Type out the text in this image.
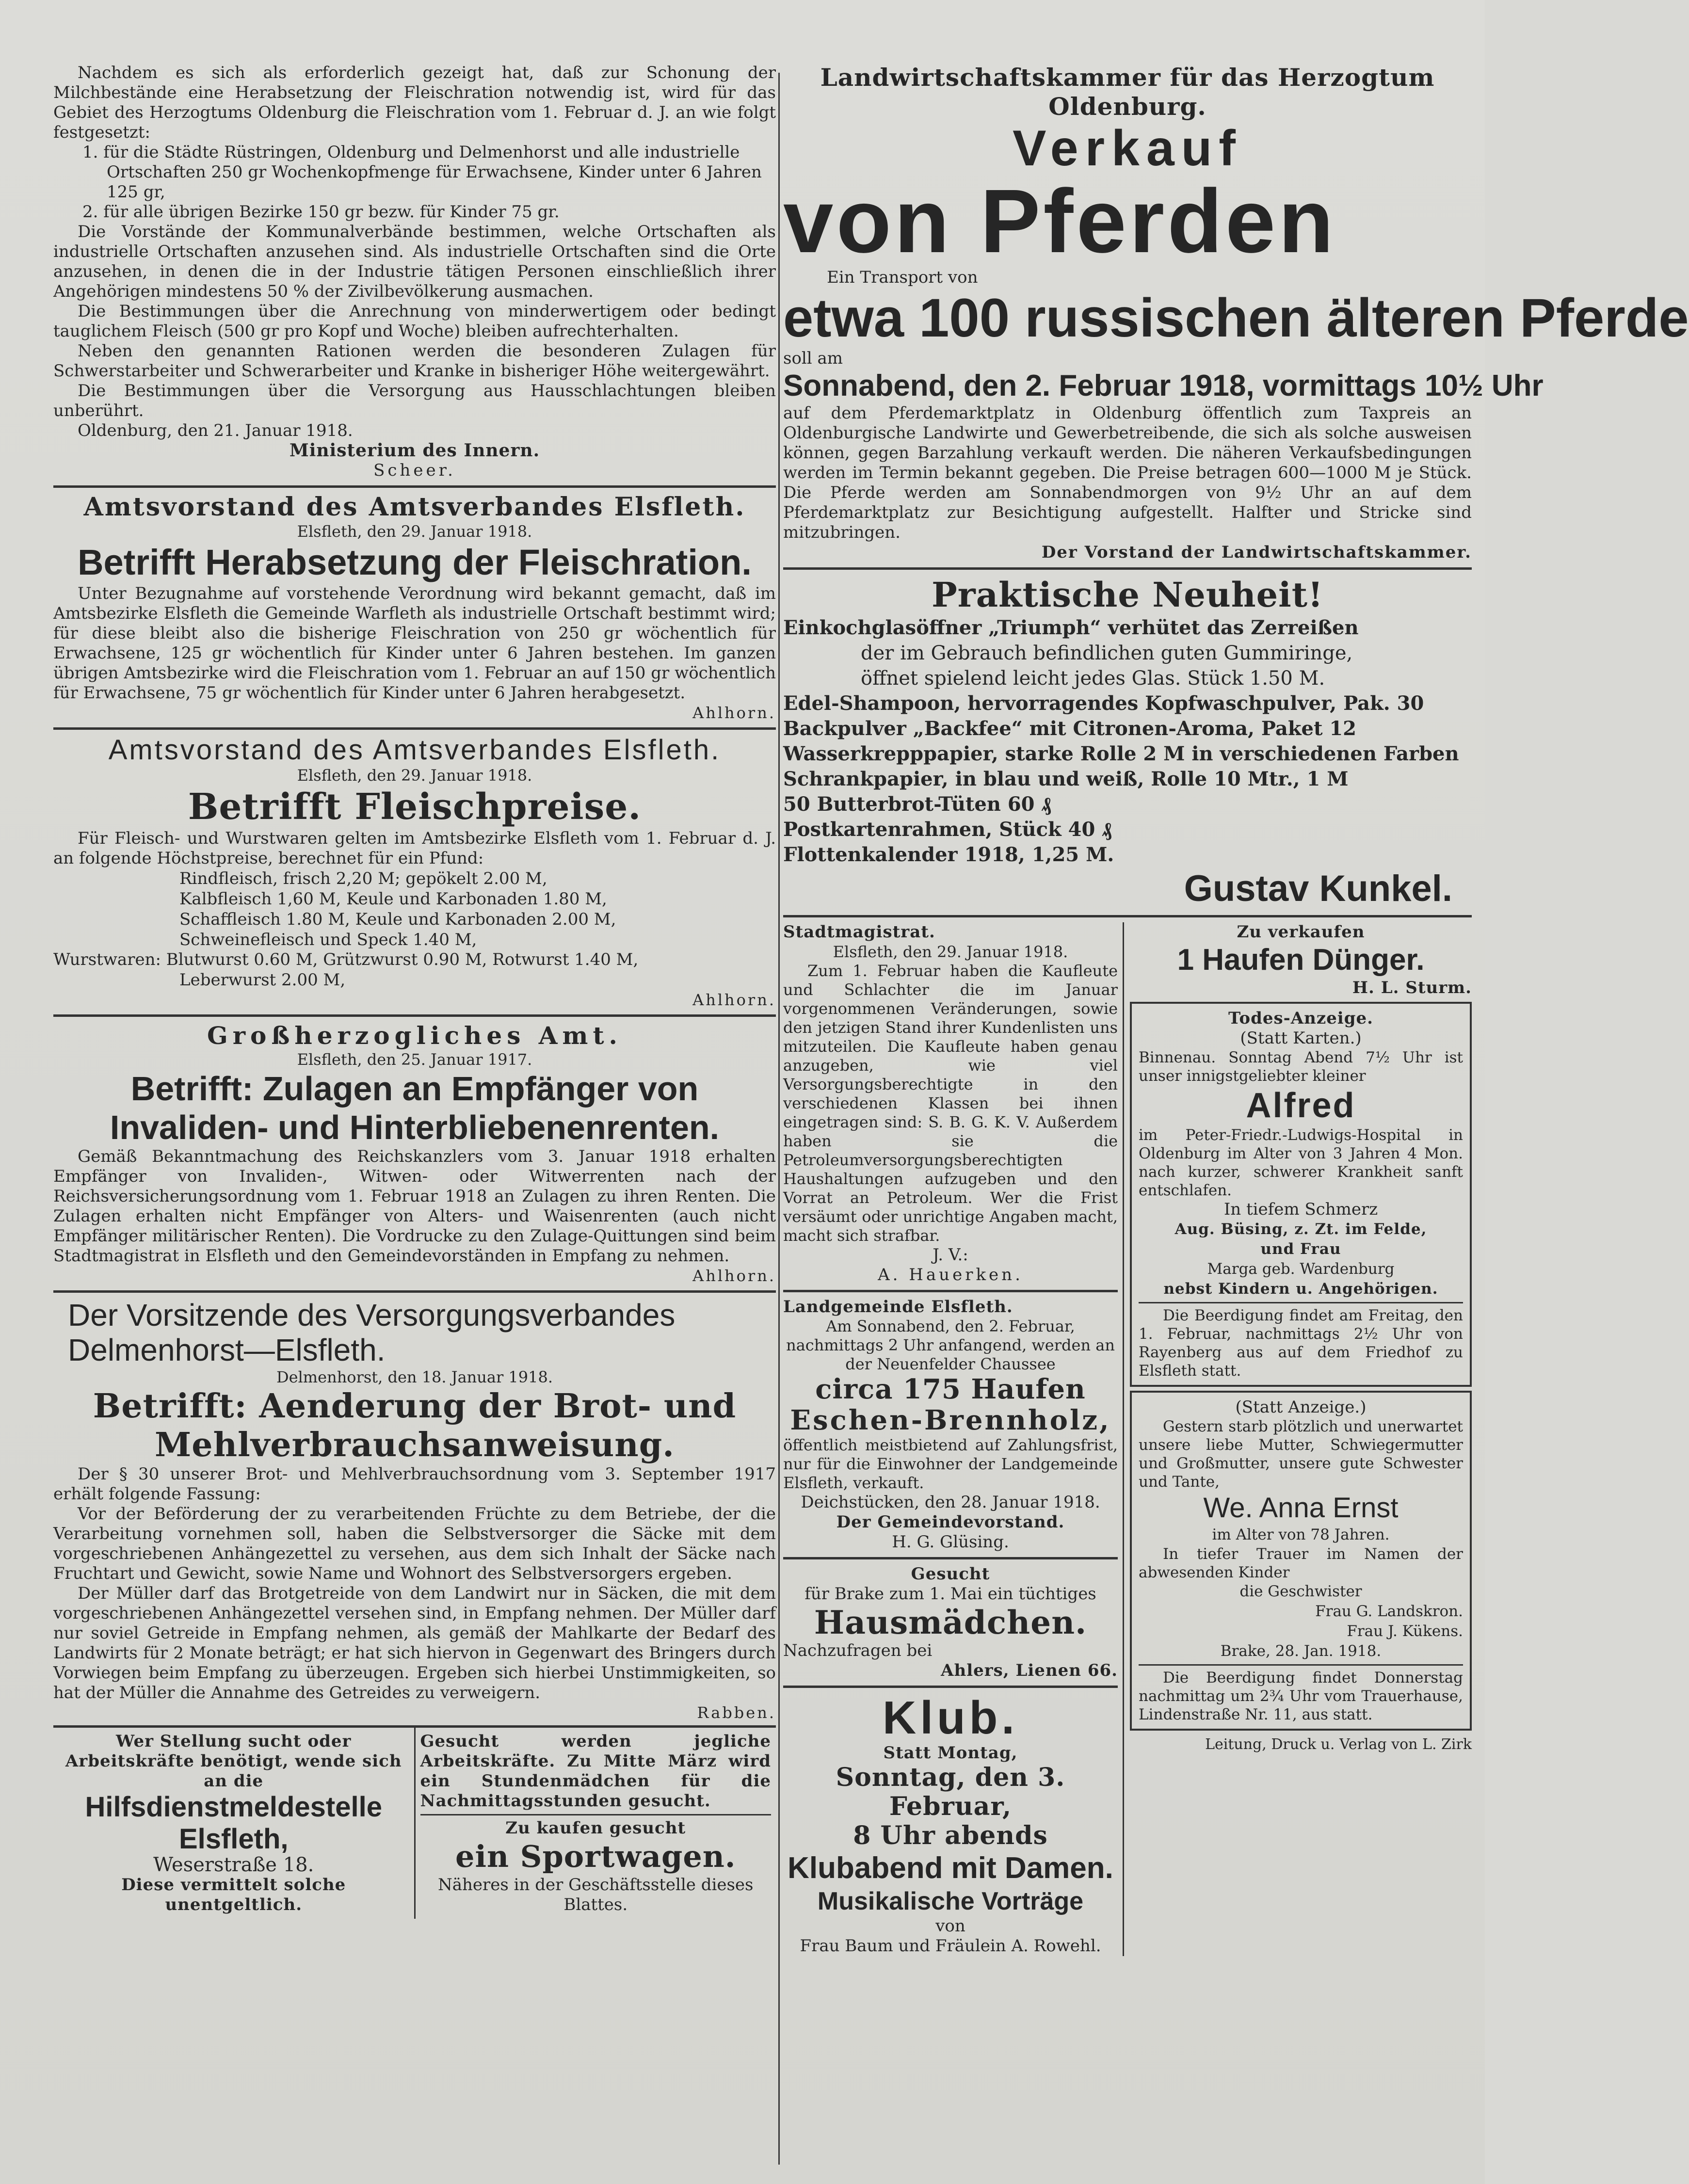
Nachdem es sich als erforderlich gezeigt hat, daß zur Schonung der Milchbestände eine Herabsetzung der Fleischration notwendig ist, wird für das Gebiet des Herzogtums Oldenburg die Fleischration vom 1. Februar d. J. an wie folgt festgesetzt:

1. für die Städte Rüstringen, Oldenburg und Delmenhorst und alle industrielle Ortschaften 250 gr Wochenkopfmenge für Erwachsene, Kinder unter 6 Jahren 125 gr,

2. für alle übrigen Bezirke 150 gr bezw. für Kinder 75 gr.

Die Vorstände der Kommunalverbände bestimmen, welche Ortschaften als industrielle Ortschaften anzusehen sind. Als industrielle Ortschaften sind die Orte anzusehen, in denen die in der Industrie tätigen Personen einschließlich ihrer Angehörigen mindestens 50 % der Zivilbevölkerung ausmachen.

Die Bestimmungen über die Anrechnung von minderwertigem oder bedingt tauglichem Fleisch (500 gr pro Kopf und Woche) bleiben aufrechterhalten.

Neben den genannten Rationen werden die besonderen Zulagen für Schwerstarbeiter und Schwerarbeiter und Kranke in bisheriger Höhe weitergewährt.

Die Bestimmungen über die Versorgung aus Hausschlachtungen bleiben unberührt.

Oldenburg, den 21. Januar 1918.

Ministerium des Innern.

Scheer.

Amtsvorstand des Amtsverbandes Elsfleth.

Elsfleth, den 29. Januar 1918.

Betrifft Herabsetzung der Fleischration.

Unter Bezugnahme auf vorstehende Verordnung wird bekannt gemacht, daß im Amtsbezirke Elsfleth die Gemeinde Warfleth als industrielle Ortschaft bestimmt wird; für diese bleibt also die bisherige Fleischration von 250 gr wöchentlich für Erwachsene, 125 gr wöchentlich für Kinder unter 6 Jahren bestehen. Im ganzen übrigen Amtsbezirke wird die Fleischration vom 1. Februar an auf 150 gr wöchentlich für Erwachsene, 75 gr wöchentlich für Kinder unter 6 Jahren herabgesetzt.

Ahlhorn.

Amtsvorstand des Amtsverbandes Elsfleth.

Elsfleth, den 29. Januar 1918.

Betrifft Fleischpreise.

Für Fleisch- und Wurstwaren gelten im Amtsbezirke Elsfleth vom 1. Februar d. J. an folgende Höchstpreise, berechnet für ein Pfund:

Rindfleisch, frisch 2,20 M; gepökelt 2.00 M,

Kalbfleisch 1,60 M, Keule und Karbonaden 1.80 M,

Schaffleisch 1.80 M, Keule und Karbonaden 2.00 M,

Schweinefleisch und Speck 1.40 M,

Wurstwaren: Blutwurst 0.60 M, Grützwurst 0.90 M, Rotwurst 1.40 M,

Leberwurst 2.00 M,

Ahlhorn.

Großherzogliches Amt.

Elsfleth, den 25. Januar 1917.

Betrifft: Zulagen an Empfänger von Invaliden- und Hinterbliebenenrenten.

Gemäß Bekanntmachung des Reichskanzlers vom 3. Januar 1918 erhalten Empfänger von Invaliden-, Witwen- oder Witwerrenten nach der Reichsversicherungsordnung vom 1. Februar 1918 an Zulagen zu ihren Renten. Die Zulagen erhalten nicht Empfänger von Alters- und Waisenrenten (auch nicht Empfänger militärischer Renten). Die Vordrucke zu den Zulage-Quittungen sind beim Stadtmagistrat in Elsfleth und den Gemeindevorständen in Empfang zu nehmen.

Ahlhorn.

Der Vorsitzende des Versorgungsverbandes Delmenhorst—Elsfleth.

Delmenhorst, den 18. Januar 1918.

Betrifft: Aenderung der Brot- und Mehlverbrauchsanweisung.

Der § 30 unserer Brot- und Mehlverbrauchsordnung vom 3. September 1917 erhält folgende Fassung:

Vor der Beförderung der zu verarbeitenden Früchte zu dem Betriebe, der die Verarbeitung vornehmen soll, haben die Selbstversorger die Säcke mit dem vorgeschriebenen Anhängezettel zu versehen, aus dem sich Inhalt der Säcke nach Fruchtart und Gewicht, sowie Name und Wohnort des Selbstversorgers ergeben.

Der Müller darf das Brotgetreide von dem Landwirt nur in Säcken, die mit dem vorgeschriebenen Anhängezettel versehen sind, in Empfang nehmen. Der Müller darf nur soviel Getreide in Empfang nehmen, als gemäß der Mahlkarte der Bedarf des Landwirts für 2 Monate beträgt; er hat sich hiervon in Gegenwart des Bringers durch Vorwiegen beim Empfang zu überzeugen. Ergeben sich hierbei Unstimmigkeiten, so hat der Müller die Annahme des Getreides zu verweigern.

Rabben.

Wer Stellung sucht oder Arbeitskräfte benötigt, wende sich an die

Hilfsdienstmeldestelle Elsfleth,

Weserstraße 18.

Diese vermittelt solche unentgeltlich.

Gesucht werden jegliche Arbeitskräfte. Zu Mitte März wird ein Stundenmädchen für die Nachmittagsstunden gesucht.

Zu kaufen gesucht

ein Sportwagen.

Näheres in der Geschäftsstelle dieses Blattes.

Landwirtschaftskammer für das Herzogtum Oldenburg.
Verkauf
von Pferden

Ein Transport von

etwa 100 russischen älteren Pferde

soll am

Sonnabend, den 2. Februar 1918, vormittags 10½ Uhr

auf dem Pferdemarktplatz in Oldenburg öffentlich zum Taxpreis an Oldenburgische Landwirte und Gewerbetreibende, die sich als solche ausweisen können, gegen Barzahlung verkauft werden. Die näheren Verkaufsbedingungen werden im Termin bekannt gegeben. Die Preise betragen 600—1000 M je Stück. Die Pferde werden am Sonnabendmorgen von 9½ Uhr an auf dem Pferdemarktplatz zur Besichtigung aufgestellt. Halfter und Stricke sind mitzubringen.

Der Vorstand der Landwirtschaftskammer.

Praktische Neuheit!

Einkochglasöffner „Triumph“ verhütet das Zerreißen

der im Gebrauch befindlichen guten Gummiringe,

öffnet spielend leicht jedes Glas. Stück 1.50 M.

Edel-Shampoon, hervorragendes Kopfwaschpulver, Pak. 30

Backpulver „Backfee“ mit Citronen-Aroma, Paket 12

Wasserkrepppapier, starke Rolle 2 M in verschiedenen Farben

Schrankpapier, in blau und weiß, Rolle 10 Mtr., 1 M

50 Butterbrot-Tüten 60 ₰

Postkartenrahmen, Stück 40 ₰

Flottenkalender 1918, 1,25 M.

Gustav Kunkel.

Stadtmagistrat.

Elsfleth, den 29. Januar 1918.

Zum 1. Februar haben die Kaufleute und Schlachter die im Januar vorgenommenen Veränderungen, sowie den jetzigen Stand ihrer Kundenlisten uns mitzuteilen. Die Kaufleute haben genau anzugeben, wie viel Versorgungsberechtigte in den verschiedenen Klassen bei ihnen eingetragen sind: S. B. G. K. V. Außerdem haben sie die Petroleumversorgungsberechtigten Haushaltungen aufzugeben und den Vorrat an Petroleum. Wer die Frist versäumt oder unrichtige Angaben macht, macht sich strafbar.

J. V.:

A. Hauerken.

Landgemeinde Elsfleth.

Am Sonnabend, den 2. Februar, nachmittags 2 Uhr anfangend, werden an der Neuenfelder Chaussee

circa 175 Haufen
Eschen-Brennholz,

öffentlich meistbietend auf Zahlungsfrist, nur für die Einwohner der Landgemeinde Elsfleth, verkauft.

Deichstücken, den 28. Januar 1918.

Der Gemeindevorstand.

H. G. Glüsing.

Gesucht

für Brake zum 1. Mai ein tüchtiges

Hausmädchen.

Nachzufragen bei

Ahlers, Lienen 66.

Klub.

Statt Montag,

Sonntag, den 3. Februar,
8 Uhr abends
Klubabend mit Damen.
Musikalische Vorträge

von

Frau Baum und Fräulein A. Rowehl.

Zu verkaufen

1 Haufen Dünger.

H. L. Sturm.

Todes-Anzeige.

(Statt Karten.)

Binnenau. Sonntag Abend 7½ Uhr ist unser innigstgeliebter kleiner

Alfred

im Peter-Friedr.-Ludwigs-Hospital in Oldenburg im Alter von 3 Jahren 4 Mon. nach kurzer, schwerer Krankheit sanft entschlafen.

In tiefem Schmerz

Aug. Büsing, z. Zt. im Felde,

und Frau

Marga geb. Wardenburg

nebst Kindern u. Angehörigen.

Die Beerdigung findet am Freitag, den 1. Februar, nachmittags 2½ Uhr von Rayenberg aus auf dem Friedhof zu Elsfleth statt.

(Statt Anzeige.)

Gestern starb plötzlich und unerwartet unsere liebe Mutter, Schwiegermutter und Großmutter, unsere gute Schwester und Tante,

We. Anna Ernst

im Alter von 78 Jahren.

In tiefer Trauer im Namen der abwesenden Kinder

die Geschwister

Frau G. Landskron.

Frau J. Kükens.

Brake, 28. Jan. 1918.

Die Beerdigung findet Donnerstag nachmittag um 2¾ Uhr vom Trauerhause, Lindenstraße Nr. 11, aus statt.

Leitung, Druck u. Verlag von L. Zirk
